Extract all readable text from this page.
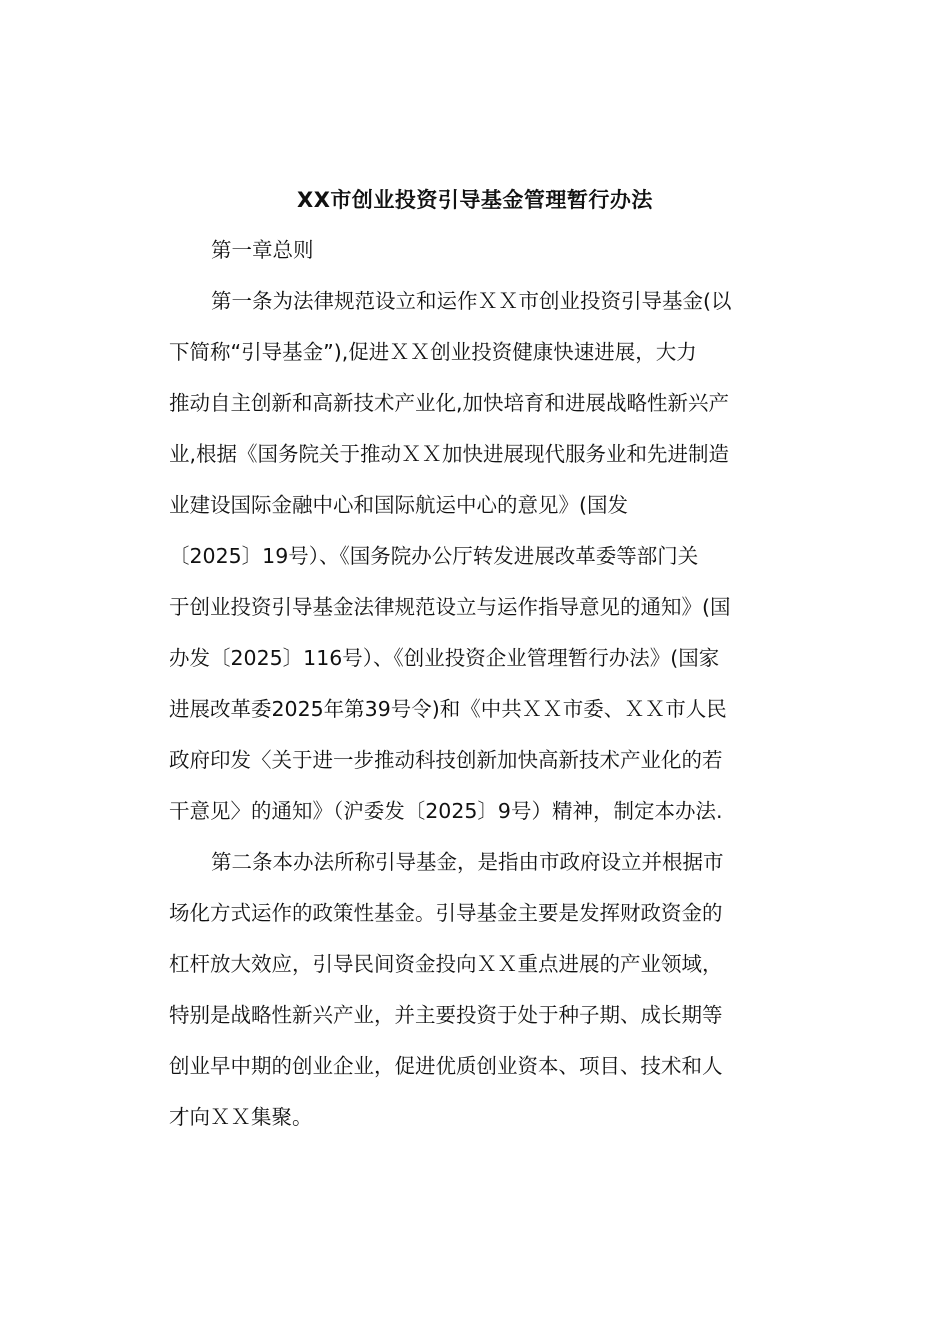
XX市创业投资引导基金管理暂行办法
第一章总则
第一条为法律规范设立和运作ＸＸ市创业投资引导基金(以
下简称“引导基金”),促进ＸＸ创业投资健康快速进展，大力
推动自主创新和高新技术产业化,加快培育和进展战略性新兴产
业,根据《国务院关于推动ＸＸ加快进展现代服务业和先进制造
业建设国际金融中心和国际航运中心的意见》(国发
〔2025〕19号）、《国务院办公厅转发进展改革委等部门关
于创业投资引导基金法律规范设立与运作指导意见的通知》(国
办发〔2025〕116号）、《创业投资企业管理暂行办法》(国家
进展改革委2025年第39号令)和《中共ＸＸ市委、ＸＸ市人民
政府印发〈关于进一步推动科技创新加快高新技术产业化的若
干意见〉的通知》（沪委发〔2025〕9号）精神，制定本办法.
第二条本办法所称引导基金，是指由市政府设立并根据市
场化方式运作的政策性基金。引导基金主要是发挥财政资金的
杠杆放大效应，引导民间资金投向ＸＸ重点进展的产业领域，
特别是战略性新兴产业，并主要投资于处于种子期、成长期等
创业早中期的创业企业，促进优质创业资本、项目、技术和人
才向ＸＸ集聚。
